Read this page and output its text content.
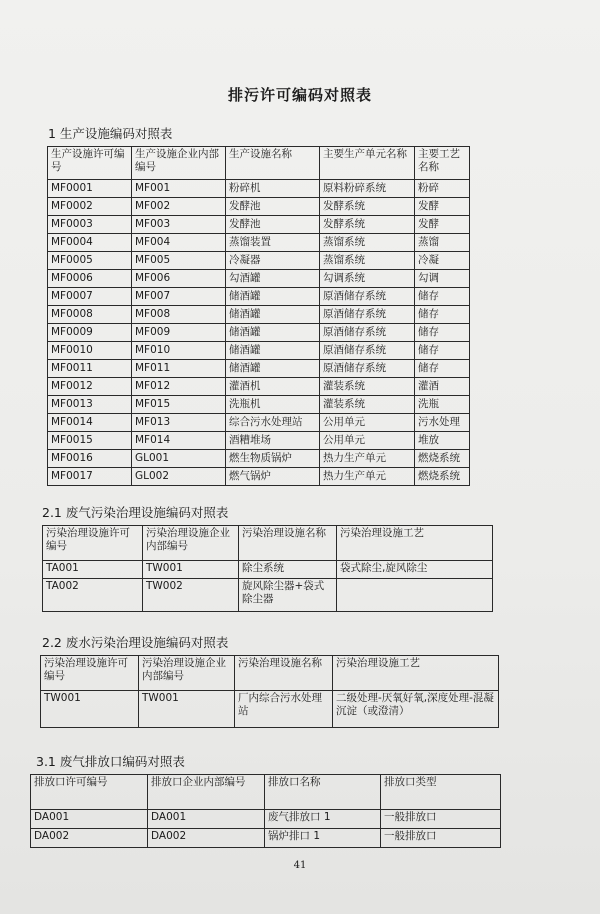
排污许可编码对照表
1 生产设施编码对照表
生产设施许可编号	生产设施企业内部编号	生产设施名称	主要生产单元名称	主要工艺名称
MF0001	MF001	粉碎机	原料粉碎系统	粉碎
MF0002	MF002	发酵池	发酵系统	发酵
MF0003	MF003	发酵池	发酵系统	发酵
MF0004	MF004	蒸馏装置	蒸馏系统	蒸馏
MF0005	MF005	冷凝器	蒸馏系统	冷凝
MF0006	MF006	勾酒罐	勾调系统	勾调
MF0007	MF007	储酒罐	原酒储存系统	储存
MF0008	MF008	储酒罐	原酒储存系统	储存
MF0009	MF009	储酒罐	原酒储存系统	储存
MF0010	MF010	储酒罐	原酒储存系统	储存
MF0011	MF011	储酒罐	原酒储存系统	储存
MF0012	MF012	灌酒机	灌装系统	灌酒
MF0013	MF015	洗瓶机	灌装系统	洗瓶
MF0014	MF013	综合污水处理站	公用单元	污水处理
MF0015	MF014	酒糟堆场	公用单元	堆放
MF0016	GL001	燃生物质锅炉	热力生产单元	燃烧系统
MF0017	GL002	燃气锅炉	热力生产单元	燃烧系统
2.1 废气污染治理设施编码对照表
污染治理设施许可编号	污染治理设施企业内部编号	污染治理设施名称	污染治理设施工艺
TA001	TW001	除尘系统	袋式除尘,旋风除尘
TA002	TW002	旋风除尘器+袋式除尘器	
2.2 废水污染治理设施编码对照表
污染治理设施许可编号	污染治理设施企业内部编号	污染治理设施名称	污染治理设施工艺
TW001	TW001	厂内综合污水处理站	二级处理-厌氧好氧,深度处理-混凝沉淀（或澄清）
3.1 废气排放口编码对照表
排放口许可编号	排放口企业内部编号	排放口名称	排放口类型
DA001	DA001	废气排放口 1	一般排放口
DA002	DA002	锅炉排口 1	一般排放口
41
